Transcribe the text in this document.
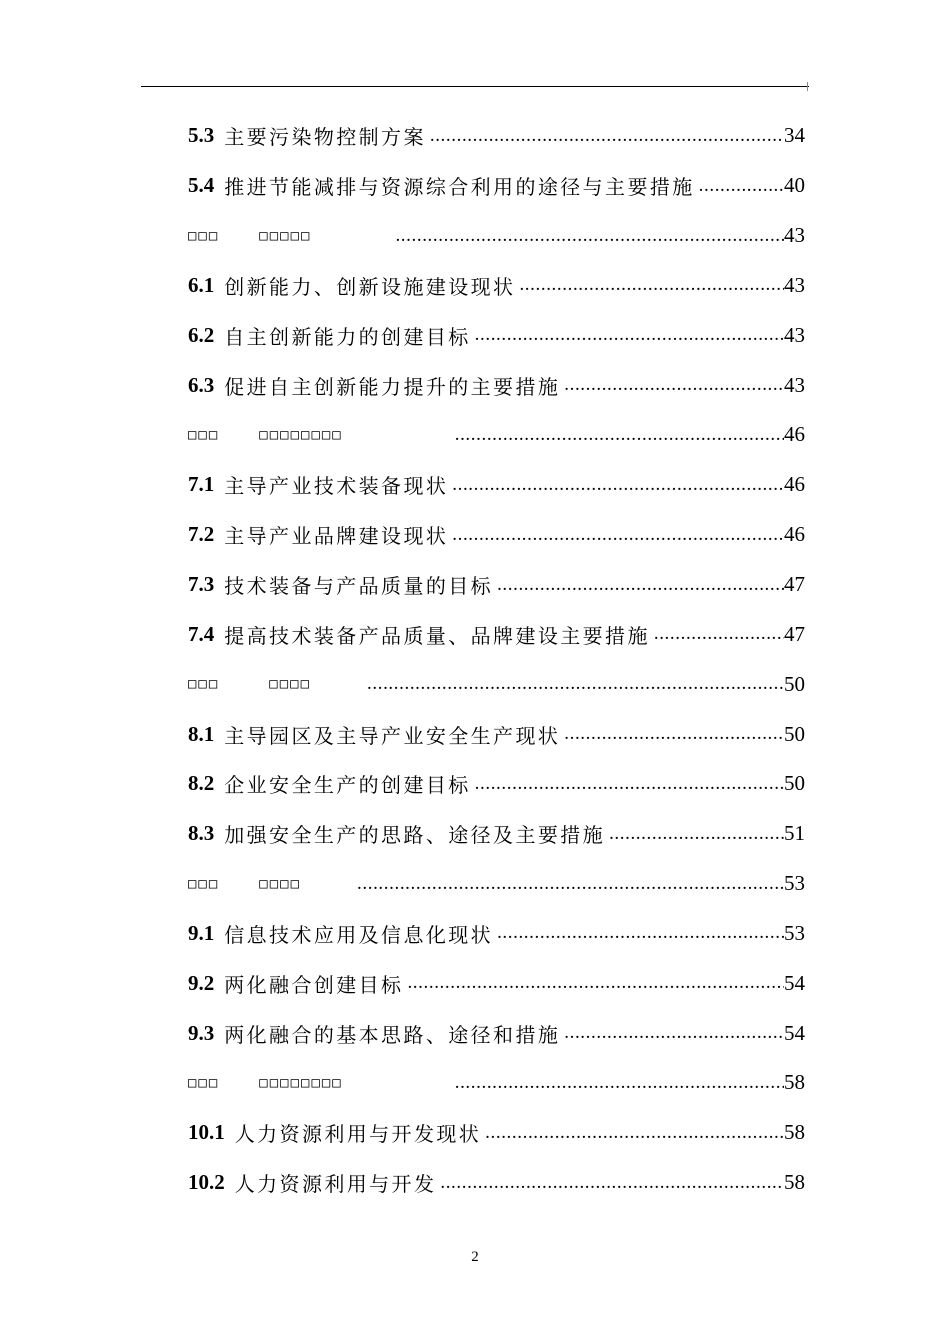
5.3 主要污染物控制方案 .....	34
5.4 推进节能减排与资源综合利用的途径与主要措施 .....	40
□□□	□□□□□ .....	43
6.1 创新能力、创新设施建设现状 .....	43
6.2 自主创新能力的创建目标 .....	43
6.3 促进自主创新能力提升的主要措施 .....	43
□□□	□□□□□□□□ .....	46
7.1 主导产业技术装备现状 .....	46
7.2 主导产业品牌建设现状 .....	46
7.3 技术装备与产品质量的目标 .....	47
7.4 提高技术装备产品质量、品牌建设主要措施 .....	47
□□□	□□□□ .....	50
8.1 主导园区及主导产业安全生产现状 .....	50
8.2 企业安全生产的创建目标 .....	50
8.3 加强安全生产的思路、途径及主要措施 .....	51
□□□	□□□□ .....	53
9.1 信息技术应用及信息化现状 .....	53
9.2 两化融合创建目标 .....	54
9.3 两化融合的基本思路、途径和措施 .....	54
□□□	□□□□□□□□ .....	58
10.1 人力资源利用与开发现状 .....	58
10.2 人力资源利用与开发 .....	58
2
